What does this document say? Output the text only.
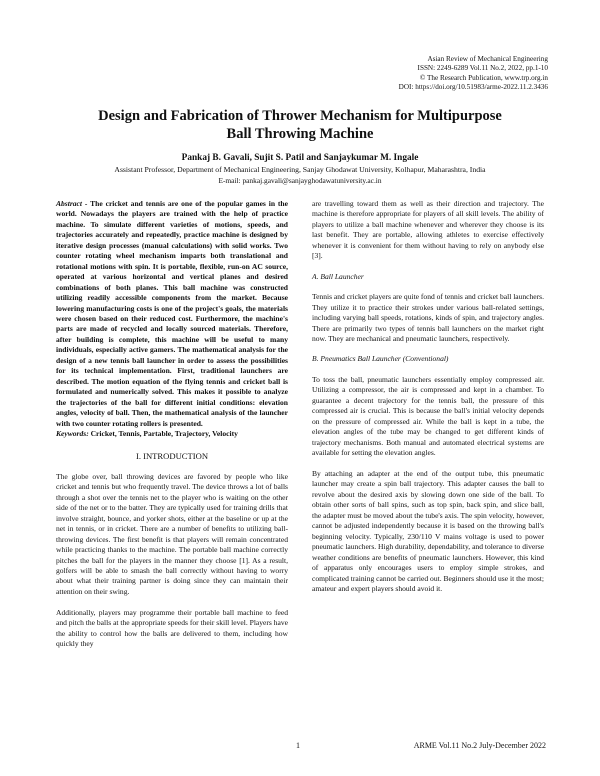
Asian Review of Mechanical Engineering
ISSN: 2249-6289 Vol.11 No.2, 2022, pp.1-10
© The Research Publication, www.trp.org.in
DOI: https://doi.org/10.51983/arme-2022.11.2.3436
Design and Fabrication of Thrower Mechanism for Multipurpose
Ball Throwing Machine
Pankaj B. Gavali, Sujit S. Patil and Sanjaykumar M. Ingale
Assistant Professor, Department of Mechanical Engineering, Sanjay Ghodawat University, Kolhapur, Maharashtra, India
E-mail: pankaj.gavali@sanjayghodawatuniversity.ac.in

Abstract - The cricket and tennis are one of the popular games in the world. Nowadays the players are trained with the help of practice machine. To simulate different varieties of motions, speeds, and trajectories accurately and repeatedly, practice machine is designed by iterative design processes (manual calculations) with solid works. Two counter rotating wheel mechanism imparts both translational and rotational motions with spin. It is portable, flexible, run-on AC source, operated at various horizontal and vertical planes and desired combinations of both planes. This ball machine was constructed utilizing readily accessible components from the market. Because lowering manufacturing costs is one of the project's goals, the materials were chosen based on their reduced cost. Furthermore, the machine's parts are made of recycled and locally sourced materials. Therefore, after building is complete, this machine will be useful to many individuals, especially active gamers. The mathematical analysis for the design of a new tennis ball launcher in order to assess the possibilities for its technical implementation. First, traditional launchers are described. The motion equation of the flying tennis and cricket ball is formulated and numerically solved. This makes it possible to analyze the trajectories of the ball for different initial conditions: elevation angles, velocity of ball. Then, the mathematical analysis of the launcher with two counter rotating rollers is presented.

Keywords: Cricket, Tennis, Partable, Trajectory, Velocity

I. INTRODUCTION

The globe over, ball throwing devices are favored by people who like cricket and tennis but who frequently travel. The device throws a lot of balls through a shot over the tennis net to the player who is waiting on the other side of the net or to the batter. They are typically used for training drills that involve straight, bounce, and yorker shots, either at the baseline or up at the net in tennis, or in cricket. There are a number of benefits to utilizing ball-throwing devices. The first benefit is that players will remain concentrated while practicing thanks to the machine. The portable ball machine correctly pitches the ball for the players in the manner they choose [1]. As a result, golfers will be able to smash the ball correctly without having to worry about what their training partner is doing since they can maintain their attention on their swing.

Additionally, players may programme their portable ball machine to feed and pitch the balls at the appropriate speeds for their skill level. Players have the ability to control how the balls are delivered to them, including how quickly they

are travelling toward them as well as their direction and trajectory. The machine is therefore appropriate for players of all skill levels. The ability of players to utilize a ball machine whenever and wherever they choose is its last benefit. They are portable, allowing athletes to exercise effectively whenever it is convenient for them without having to rely on anybody else [3].

A. Ball Launcher

Tennis and cricket players are quite fond of tennis and cricket ball launchers. They utilize it to practice their strokes under various ball-related settings, including varying ball speeds, rotations, kinds of spin, and trajectory angles. There are primarily two types of tennis ball launchers on the market right now. They are mechanical and pneumatic launchers, respectively.

B. Pneumatics Ball Launcher (Conventional)

To toss the ball, pneumatic launchers essentially employ compressed air. Utilizing a compressor, the air is compressed and kept in a chamber. To guarantee a decent trajectory for the tennis ball, the pressure of this compressed air is crucial. This is because the ball's initial velocity depends on the pressure of compressed air. While the ball is kept in a tube, the elevation angles of the tube may be changed to get different kinds of trajectory mechanisms. Both manual and automated electrical systems are available for setting the elevation angles.

By attaching an adapter at the end of the output tube, this pneumatic launcher may create a spin ball trajectory. This adapter causes the ball to revolve about the desired axis by slowing down one side of the ball. To obtain other sorts of ball spins, such as top spin, back spin, and slice ball, the adapter must be moved about the tube's axis. The spin velocity, however, cannot be adjusted independently because it is based on the throwing ball's beginning velocity. Typically, 230/110 V mains voltage is used to power pneumatic launchers. High durability, dependability, and tolerance to diverse weather conditions are benefits of pneumatic launchers. However, this kind of apparatus only encourages users to employ simple strokes, and complicated training cannot be carried out. Beginners should use it the most; amateur and expert players should avoid it.

1	ARME Vol.11 No.2 July-December 2022
